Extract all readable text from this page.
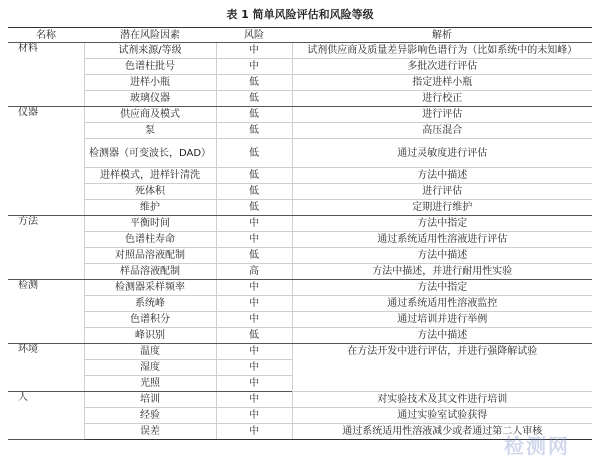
表 1 简单风险评估和风险等级
名称	潜在风险因素	风险	解析
材料	试剂来源/等级	中	试剂供应商及质量差异影响色谱行为（比如系统中的未知峰）
	色谱柱批号	中	多批次进行评估
	进样小瓶	低	指定进样小瓶
	玻璃仪器	低	进行校正
仪器	供应商及模式	低	进行评估
	泵	低	高压混合
	检测器（可变波长，DAD）	低	通过灵敏度进行评估
	进样模式，进样针清洗	低	方法中描述
	死体积	低	进行评估
	维护	低	定期进行维护
方法	平衡时间	中	方法中指定
	色谱柱寿命	中	通过系统适用性溶液进行评估
	对照品溶液配制	低	方法中描述
	样品溶液配制	高	方法中描述，并进行耐用性实验
检测	检测器采样频率	中	方法中指定
	系统峰	中	通过系统适用性溶液监控
	色谱积分	中	通过培训并进行举例
	峰识别	低	方法中描述
环境	温度	中	在方法开发中进行评估，并进行强降解试验
	湿度	中	
	光照	中	
人	培训	中	对实验技术及其文件进行培训
	经验	中	通过实验室试验获得
	误差	中	通过系统适用性溶液减少或者通过第二人审核
检测网
